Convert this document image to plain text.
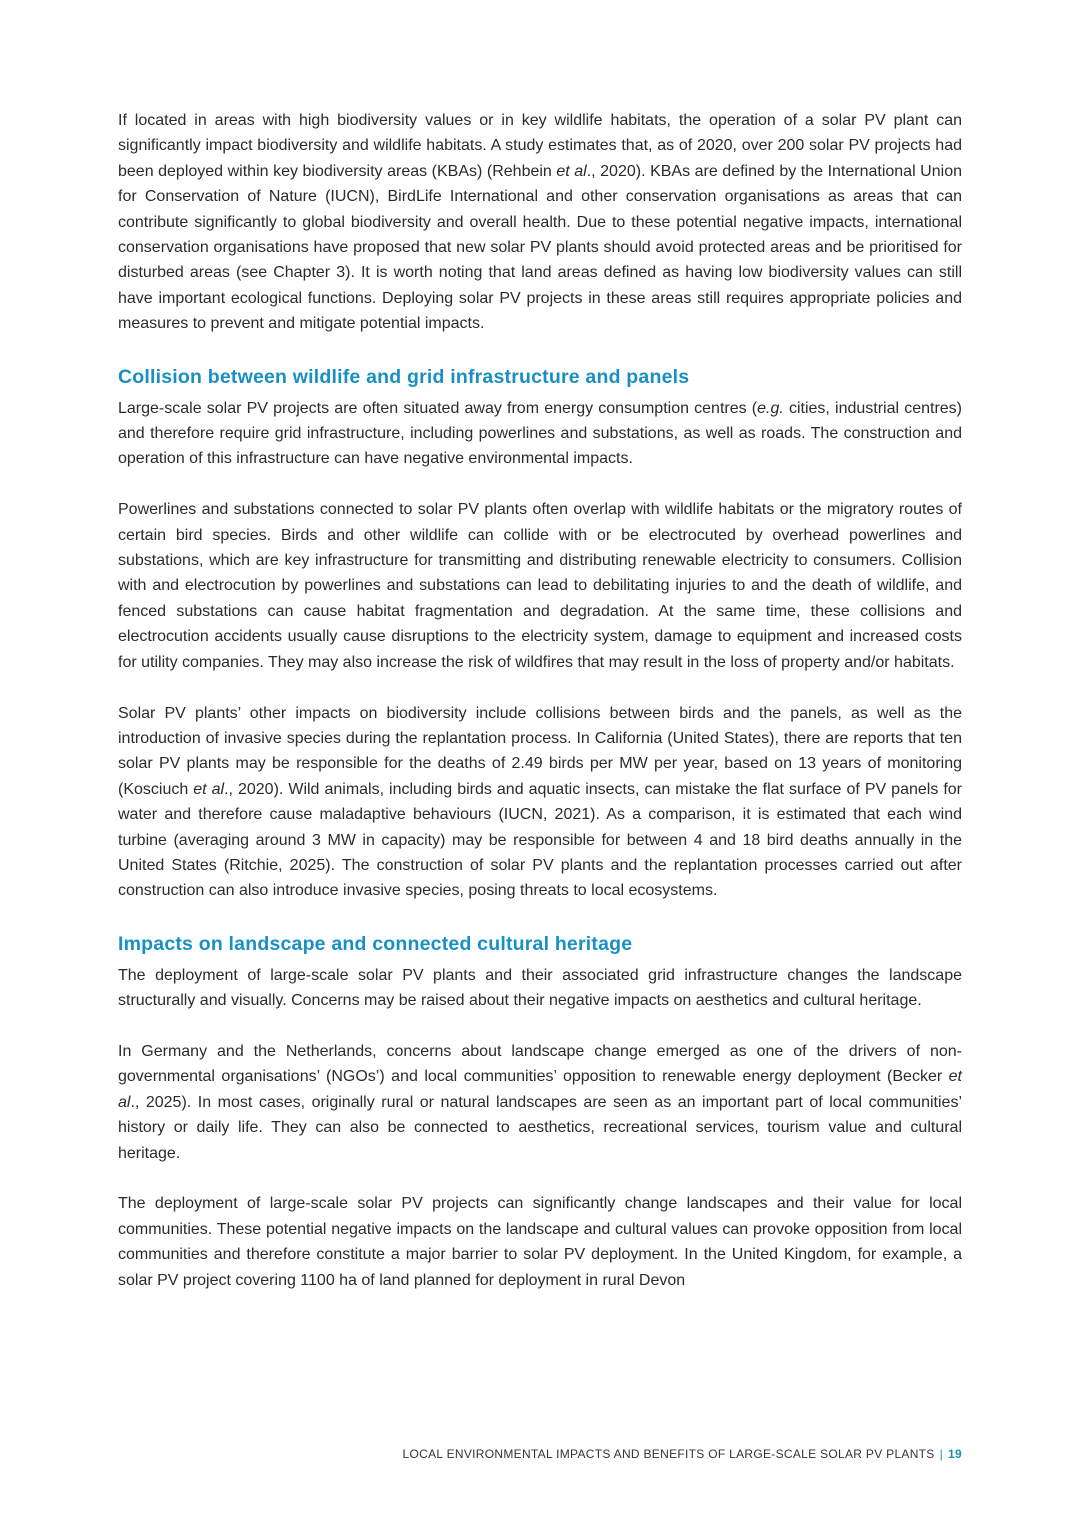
If located in areas with high biodiversity values or in key wildlife habitats, the operation of a solar PV plant can significantly impact biodiversity and wildlife habitats. A study estimates that, as of 2020, over 200 solar PV projects had been deployed within key biodiversity areas (KBAs) (Rehbein et al., 2020). KBAs are defined by the International Union for Conservation of Nature (IUCN), BirdLife International and other conservation organisations as areas that can contribute significantly to global biodiversity and overall health. Due to these potential negative impacts, international conservation organisations have proposed that new solar PV plants should avoid protected areas and be prioritised for disturbed areas (see Chapter 3). It is worth noting that land areas defined as having low biodiversity values can still have important ecological functions. Deploying solar PV projects in these areas still requires appropriate policies and measures to prevent and mitigate potential impacts.

Collision between wildlife and grid infrastructure and panels

Large-scale solar PV projects are often situated away from energy consumption centres (e.g. cities, industrial centres) and therefore require grid infrastructure, including powerlines and substations, as well as roads. The construction and operation of this infrastructure can have negative environmental impacts.

Powerlines and substations connected to solar PV plants often overlap with wildlife habitats or the migratory routes of certain bird species. Birds and other wildlife can collide with or be electrocuted by overhead powerlines and substations, which are key infrastructure for transmitting and distributing renewable electricity to consumers. Collision with and electrocution by powerlines and substations can lead to debilitating injuries to and the death of wildlife, and fenced substations can cause habitat fragmentation and degradation. At the same time, these collisions and electrocution accidents usually cause disruptions to the electricity system, damage to equipment and increased costs for utility companies. They may also increase the risk of wildfires that may result in the loss of property and/or habitats.

Solar PV plants’ other impacts on biodiversity include collisions between birds and the panels, as well as the introduction of invasive species during the replantation process. In California (United States), there are reports that ten solar PV plants may be responsible for the deaths of 2.49 birds per MW per year, based on 13 years of monitoring (Kosciuch et al., 2020). Wild animals, including birds and aquatic insects, can mistake the flat surface of PV panels for water and therefore cause maladaptive behaviours (IUCN, 2021). As a comparison, it is estimated that each wind turbine (averaging around 3 MW in capacity) may be responsible for between 4 and 18 bird deaths annually in the United States (Ritchie, 2025). The construction of solar PV plants and the replantation processes carried out after construction can also introduce invasive species, posing threats to local ecosystems.

Impacts on landscape and connected cultural heritage

The deployment of large-scale solar PV plants and their associated grid infrastructure changes the landscape structurally and visually. Concerns may be raised about their negative impacts on aesthetics and cultural heritage.

In Germany and the Netherlands, concerns about landscape change emerged as one of the drivers of non-governmental organisations’ (NGOs’) and local communities’ opposition to renewable energy deployment (Becker et al., 2025). In most cases, originally rural or natural landscapes are seen as an important part of local communities’ history or daily life. They can also be connected to aesthetics, recreational services, tourism value and cultural heritage.

The deployment of large-scale solar PV projects can significantly change landscapes and their value for local communities. These potential negative impacts on the landscape and cultural values can provoke opposition from local communities and therefore constitute a major barrier to solar PV deployment. In the United Kingdom, for example, a solar PV project covering 1100 ha of land planned for deployment in rural Devon

LOCAL ENVIRONMENTAL IMPACTS AND BENEFITS OF LARGE-SCALE SOLAR PV PLANTS | 19
